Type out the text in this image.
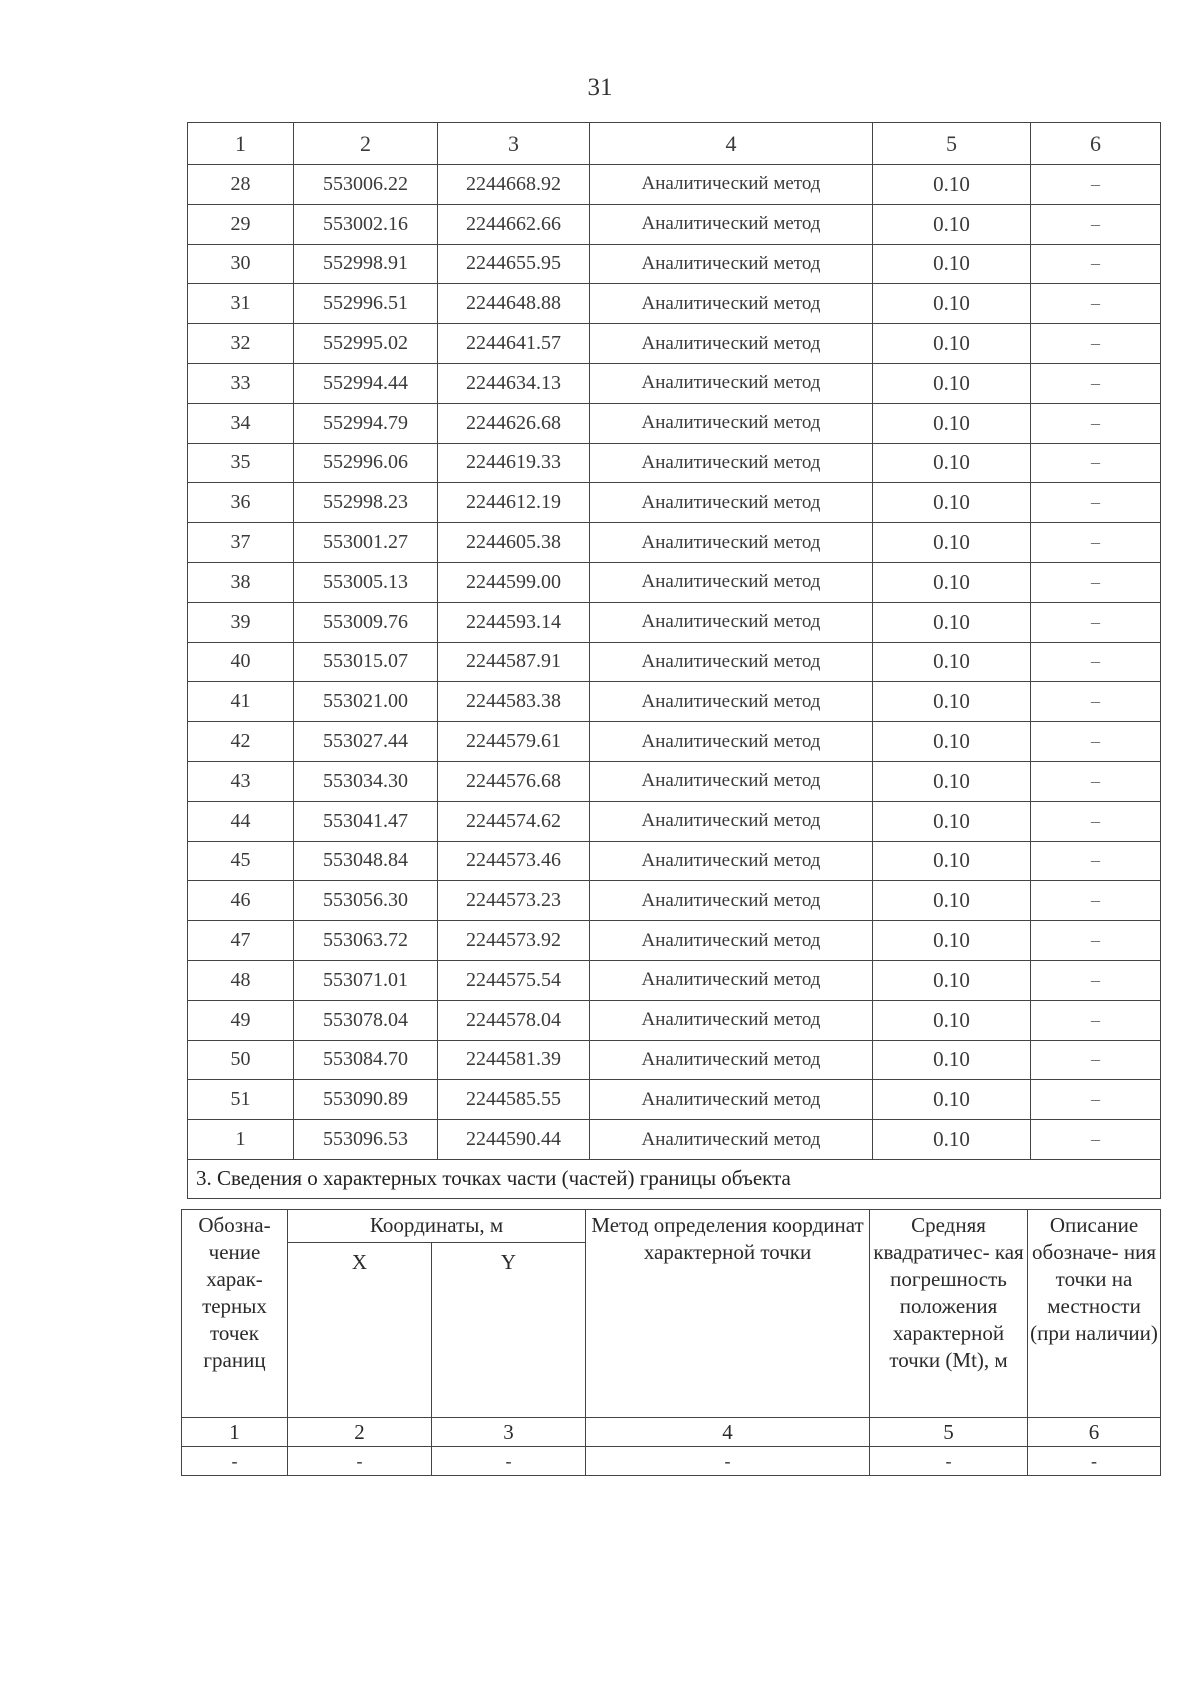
31
1	2	3	4	5	6
28	553006.22	2244668.92	Аналитический метод	0.10	–
29	553002.16	2244662.66	Аналитический метод	0.10	–
30	552998.91	2244655.95	Аналитический метод	0.10	–
31	552996.51	2244648.88	Аналитический метод	0.10	–
32	552995.02	2244641.57	Аналитический метод	0.10	–
33	552994.44	2244634.13	Аналитический метод	0.10	–
34	552994.79	2244626.68	Аналитический метод	0.10	–
35	552996.06	2244619.33	Аналитический метод	0.10	–
36	552998.23	2244612.19	Аналитический метод	0.10	–
37	553001.27	2244605.38	Аналитический метод	0.10	–
38	553005.13	2244599.00	Аналитический метод	0.10	–
39	553009.76	2244593.14	Аналитический метод	0.10	–
40	553015.07	2244587.91	Аналитический метод	0.10	–
41	553021.00	2244583.38	Аналитический метод	0.10	–
42	553027.44	2244579.61	Аналитический метод	0.10	–
43	553034.30	2244576.68	Аналитический метод	0.10	–
44	553041.47	2244574.62	Аналитический метод	0.10	–
45	553048.84	2244573.46	Аналитический метод	0.10	–
46	553056.30	2244573.23	Аналитический метод	0.10	–
47	553063.72	2244573.92	Аналитический метод	0.10	–
48	553071.01	2244575.54	Аналитический метод	0.10	–
49	553078.04	2244578.04	Аналитический метод	0.10	–
50	553084.70	2244581.39	Аналитический метод	0.10	–
51	553090.89	2244585.55	Аналитический метод	0.10	–
1	553096.53	2244590.44	Аналитический метод	0.10	–
3. Сведения о характерных точках части (частей) границы объекта					
Обозна- чение харак- терных точек границ	Координаты, м		Метод определения координат характерной точки	Средняя квадратичес- кая погрешность положения характерной точки (Mt), м	Описание обозначе- ния точки на местности (при наличии)
	X	Y			
1	2	3	4	5	6
-	-	-	-	-	-
